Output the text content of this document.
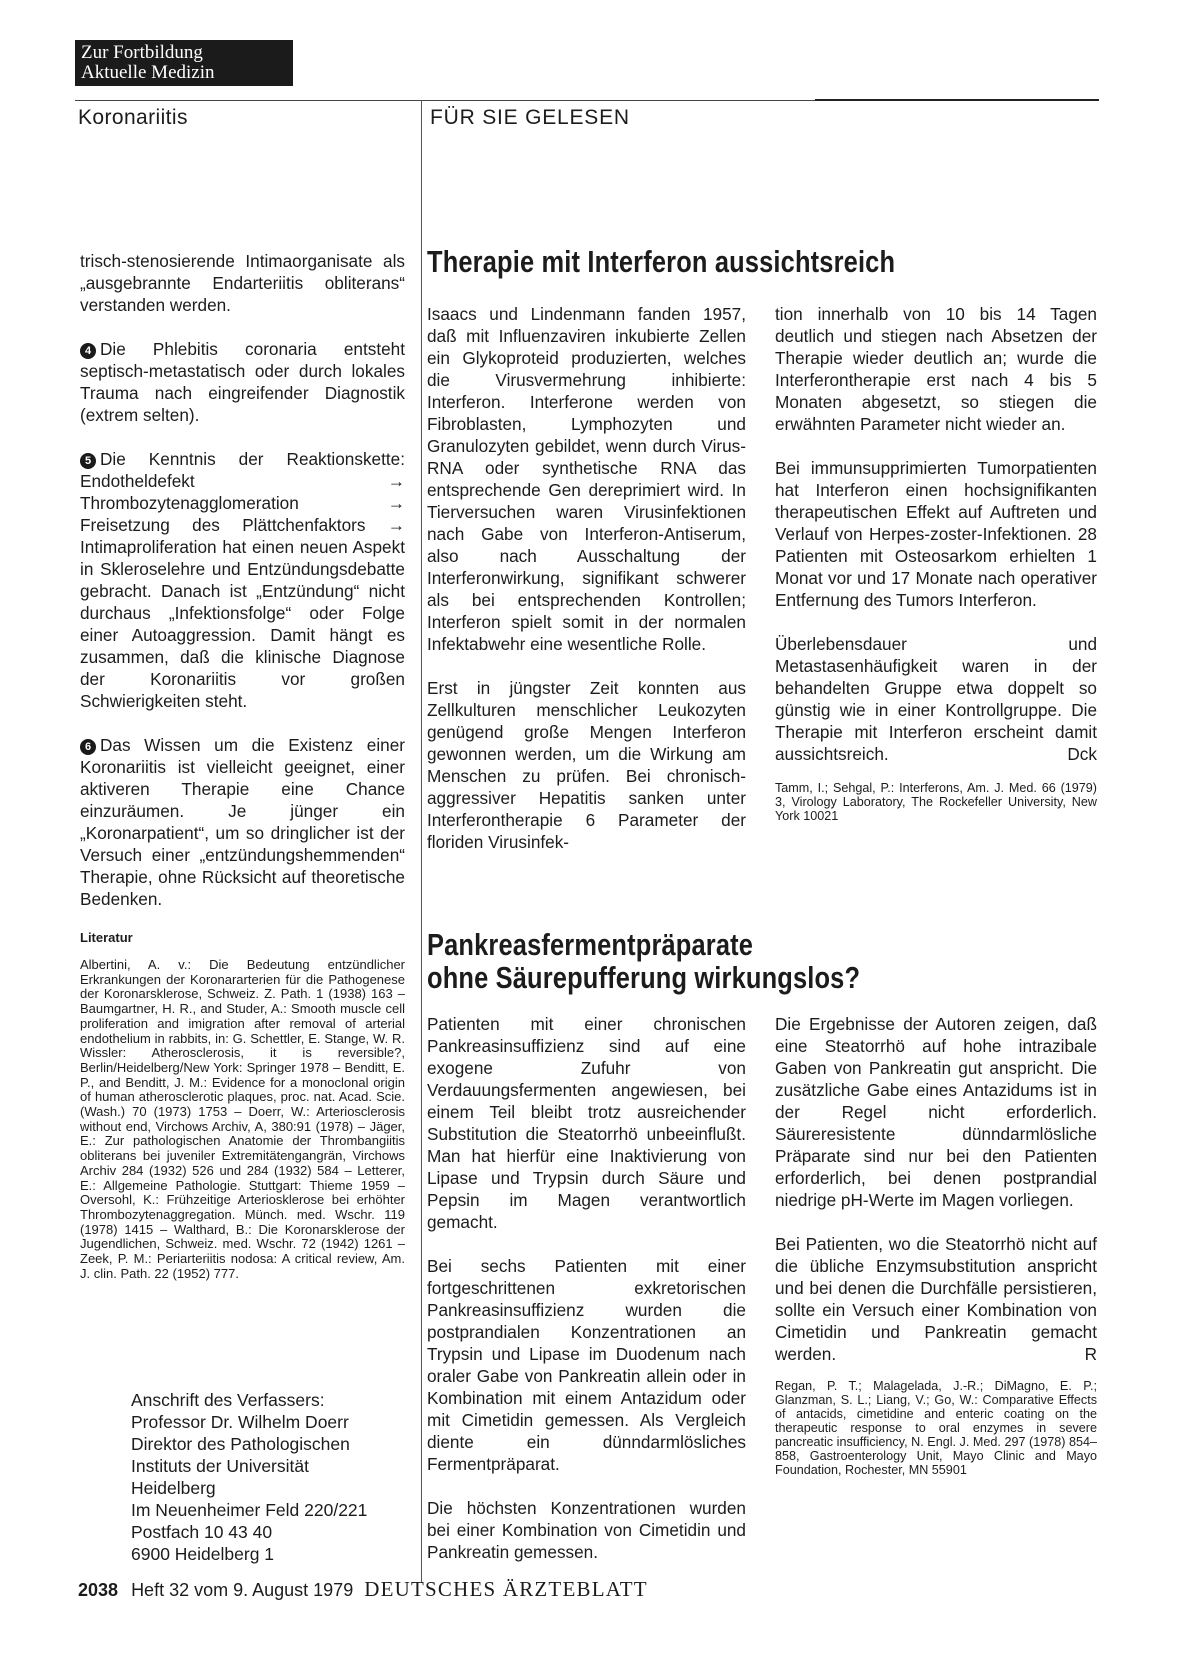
Zur Fortbildung
Aktuelle Medizin
Koronariitis	FÜR SIE GELESEN

trisch-stenosierende Intimaorganisate als „ausgebrannte Endarteriitis obliterans“ verstanden werden.

4 Die Phlebitis coronaria entsteht septisch-metastatisch oder durch lokales Trauma nach eingreifender Diagnostik (extrem selten).

5 Die Kenntnis der Reaktionskette: Endotheldefekt → Thrombozytenagglomeration → Freisetzung des Plättchenfaktors → Intimaproliferation hat einen neuen Aspekt in Skleroselehre und Entzündungsdebatte gebracht. Danach ist „Entzündung“ nicht durchaus „Infektionsfolge“ oder Folge einer Autoaggression. Damit hängt es zusammen, daß die klinische Diagnose der Koronariitis vor großen Schwierigkeiten steht.

6 Das Wissen um die Existenz einer Koronariitis ist vielleicht geeignet, einer aktiveren Therapie eine Chance einzuräumen. Je jünger ein „Koronarpatient“, um so dringlicher ist der Versuch einer „entzündungshemmenden“ Therapie, ohne Rücksicht auf theoretische Bedenken.

Literatur
Albertini, A. v.: Die Bedeutung entzündlicher Erkrankungen der Koronararterien für die Pathogenese der Koronarsklerose, Schweiz. Z. Path. 1 (1938) 163 – Baumgartner, H. R., and Studer, A.: Smooth muscle cell proliferation and imigration after removal of arterial endothelium in rabbits, in: G. Schettler, E. Stange, W. R. Wissler: Atherosclerosis, it is reversible?, Berlin/Heidelberg/New York: Springer 1978 – Benditt, E. P., and Benditt, J. M.: Evidence for a monoclonal origin of human atherosclerotic plaques, proc. nat. Acad. Scie. (Wash.) 70 (1973) 1753 – Doerr, W.: Arteriosclerosis without end, Virchows Archiv, A, 380:91 (1978) – Jäger, E.: Zur pathologischen Anatomie der Thrombangiitis obliterans bei juveniler Extremitätengangrän, Virchows Archiv 284 (1932) 526 und 284 (1932) 584 – Letterer, E.: Allgemeine Pathologie. Stuttgart: Thieme 1959 – Oversohl, K.: Frühzeitige Arteriosklerose bei erhöhter Thrombozytenaggregation. Münch. med. Wschr. 119 (1978) 1415 – Walthard, B.: Die Koronarsklerose der Jugendlichen, Schweiz. med. Wschr. 72 (1942) 1261 – Zeek, P. M.: Periarteriitis nodosa: A critical review, Am. J. clin. Path. 22 (1952) 777.
Anschrift des Verfassers:
Professor Dr. Wilhelm Doerr
Direktor des Pathologischen
Instituts der Universität
Heidelberg
Im Neuenheimer Feld 220/221
Postfach 10 43 40
6900 Heidelberg 1
Therapie mit Interferon aussichtsreich

Isaacs und Lindenmann fanden 1957, daß mit Influenzaviren inkubierte Zellen ein Glykoproteid produzierten, welches die Virusvermehrung inhibierte: Interferon. Interferone werden von Fibroblasten, Lymphozyten und Granulozyten gebildet, wenn durch Virus-RNA oder synthetische RNA das entsprechende Gen dereprimiert wird. In Tierversuchen waren Virusinfektionen nach Gabe von Interferon-Antiserum, also nach Ausschaltung der Interferonwirkung, signifikant schwerer als bei entsprechenden Kontrollen; Interferon spielt somit in der normalen Infektabwehr eine wesentliche Rolle.

Erst in jüngster Zeit konnten aus Zellkulturen menschlicher Leukozyten genügend große Mengen Interferon gewonnen werden, um die Wirkung am Menschen zu prüfen. Bei chronisch-aggressiver Hepatitis sanken unter Interferontherapie 6 Parameter der floriden Virusinfek-

tion innerhalb von 10 bis 14 Tagen deutlich und stiegen nach Absetzen der Therapie wieder deutlich an; wurde die Interferontherapie erst nach 4 bis 5 Monaten abgesetzt, so stiegen die erwähnten Parameter nicht wieder an.

Bei immunsupprimierten Tumorpatienten hat Interferon einen hochsignifikanten therapeutischen Effekt auf Auftreten und Verlauf von Herpes-zoster-Infektionen. 28 Patienten mit Osteosarkom erhielten 1 Monat vor und 17 Monate nach operativer Entfernung des Tumors Interferon.

Überlebensdauer und Metastasenhäufigkeit waren in der behandelten Gruppe etwa doppelt so günstig wie in einer Kontrollgruppe. Die Therapie mit Interferon erscheint damit aussichtsreich.	Dck
Tamm, I.; Sehgal, P.: Interferons, Am. J. Med. 66 (1979) 3, Virology Laboratory, The Rockefeller University, New York 10021
Pankreasfermentpräparate
ohne Säurepufferung wirkungslos?

Patienten mit einer chronischen Pankreasinsuffizienz sind auf eine exogene Zufuhr von Verdauungsfermenten angewiesen, bei einem Teil bleibt trotz ausreichender Substitution die Steatorrhö unbeeinflußt. Man hat hierfür eine Inaktivierung von Lipase und Trypsin durch Säure und Pepsin im Magen verantwortlich gemacht.

Bei sechs Patienten mit einer fortgeschrittenen exkretorischen Pankreasinsuffizienz wurden die postprandialen Konzentrationen an Trypsin und Lipase im Duodenum nach oraler Gabe von Pankreatin allein oder in Kombination mit einem Antazidum oder mit Cimetidin gemessen. Als Vergleich diente ein dünndarmlösliches Fermentpräparat.

Die höchsten Konzentrationen wurden bei einer Kombination von Cimetidin und Pankreatin gemessen.

Die Ergebnisse der Autoren zeigen, daß eine Steatorrhö auf hohe intrazibale Gaben von Pankreatin gut anspricht. Die zusätzliche Gabe eines Antazidums ist in der Regel nicht erforderlich. Säureresistente dünndarmlösliche Präparate sind nur bei den Patienten erforderlich, bei denen postprandial niedrige pH-Werte im Magen vorliegen.

Bei Patienten, wo die Steatorrhö nicht auf die übliche Enzymsubstitution anspricht und bei denen die Durchfälle persistieren, sollte ein Versuch einer Kombination von Cimetidin und Pankreatin gemacht werden.	R
Regan, P. T.; Malagelada, J.-R.; DiMagno, E. P.; Glanzman, S. L.; Liang, V.; Go, W.: Comparative Effects of antacids, cimetidine and enteric coating on the therapeutic response to oral enzymes in severe pancreatic insufficiency, N. Engl. J. Med. 297 (1978) 854–858, Gastroenterology Unit, Mayo Clinic and Mayo Foundation, Rochester, MN 55901
2038 Heft 32 vom 9. August 1979 DEUTSCHES ÄRZTEBLATT
